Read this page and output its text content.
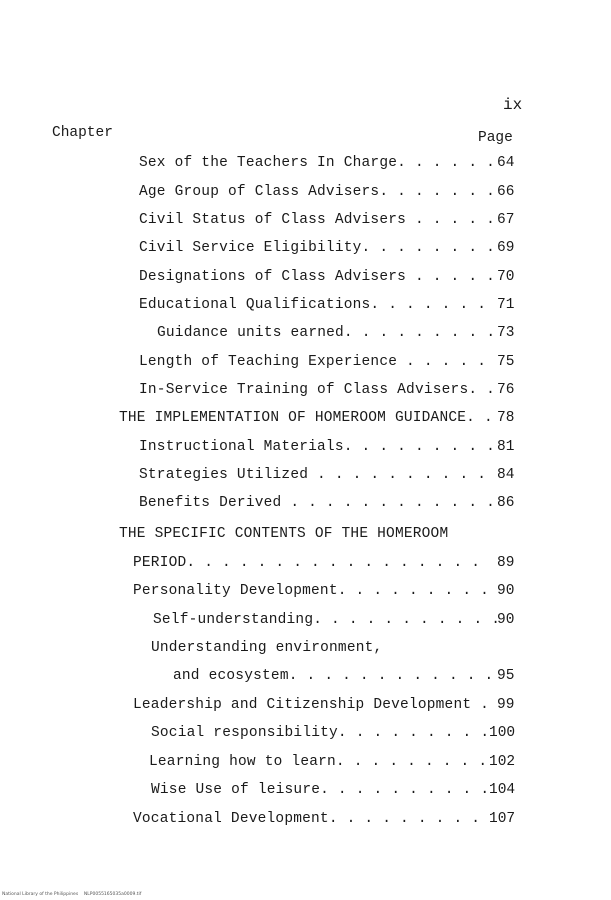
ix
Chapter	Page
Sex of the Teachers In Charge. . . . . . 64
Age Group of Class Advisers. . . . . . . 66
Civil Status of Class Advisers . . . . . 67
Civil Service Eligibility. . . . . . . . 69
Designations of Class Advisers . . . . . 70
Educational Qualifications. . . . . . . 71
Guidance units earned. . . . . . . . . 73
Length of Teaching Experience . . . . . 75
In-Service Training of Class Advisers. . 76
THE IMPLEMENTATION OF HOMEROOM GUIDANCE. . 78
Instructional Materials. . . . . . . . . 81
Strategies Utilized . . . . . . . . . . 84
Benefits Derived . . . . . . . . . . . . 86
THE SPECIFIC CONTENTS OF THE HOMEROOM
PERIOD. . . . . . . . . . . . . . . . . 89
Personality Development. . . . . . . . . 90
Self-understanding. . . . . . . . . . .
90
Understanding environment,
and ecosystem. . . . . . . . . . . . 95
Leadership and Citizenship Development . 99
Social responsibility. . . . . . . . . 100
Learning how to learn. . . . . . . . . 102
Wise Use of leisure. . . . . . . . . . 104
Vocational Development. . . . . . . . . 107
National Library of the Philippines    NLP0055165035a0009.tif
